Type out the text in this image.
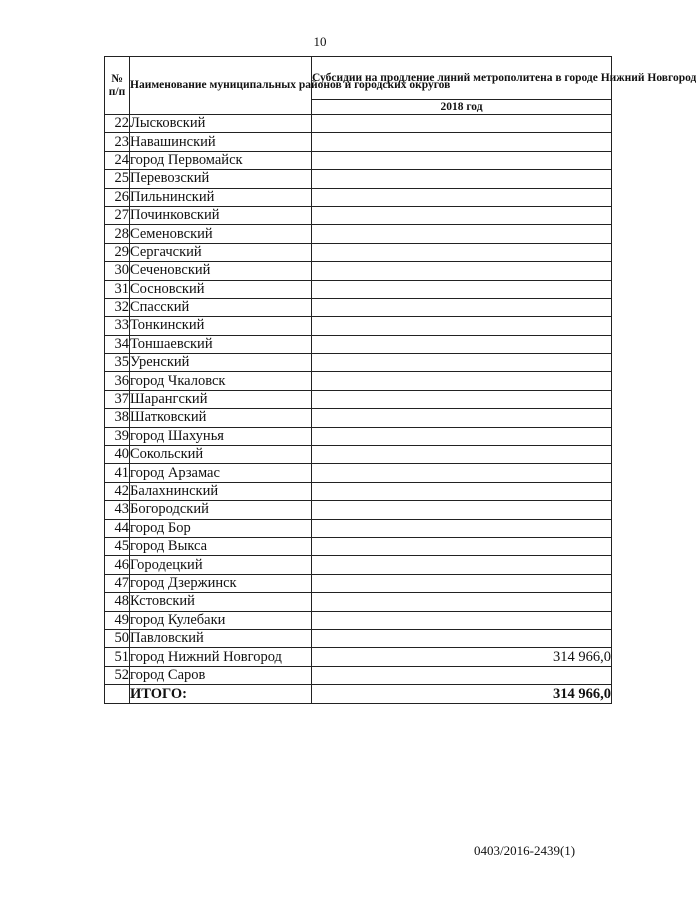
10
№
п/п	Наименование муниципальных районов и городских округов	Субсидии на продление линий метрополитена в городе Нижний Новгород
		2018 год
22	Лысковский	
23	Навашинский	
24	город Первомайск	
25	Перевозский	
26	Пильнинский	
27	Починковский	
28	Семеновский	
29	Сергачский	
30	Сеченовский	
31	Сосновский	
32	Спасский	
33	Тонкинский	
34	Тоншаевский	
35	Уренский	
36	город Чкаловск	
37	Шарангский	
38	Шатковский	
39	город Шахунья	
40	Сокольский	
41	город Арзамас	
42	Балахнинский	
43	Богородский	
44	город Бор	
45	город Выкса	
46	Городецкий	
47	город Дзержинск	
48	Кстовский	
49	город Кулебаки	
50	Павловский	
51	город Нижний Новгород	314 966,0
52	город Саров	
	ИТОГО:	314 966,0
0403/2016-2439(1)
